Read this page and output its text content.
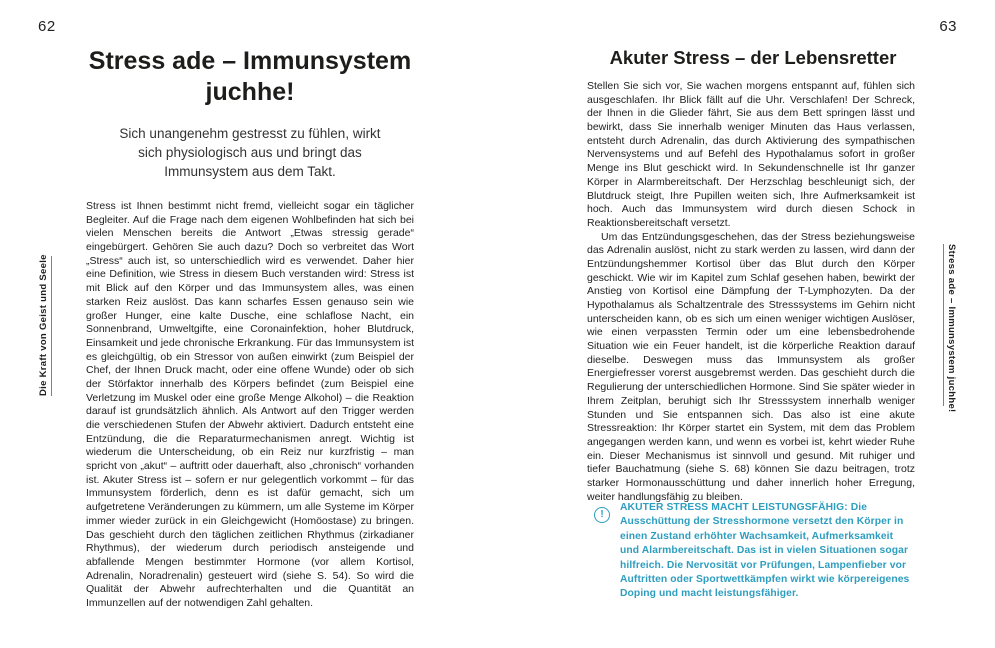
62	63
Die Kraft von Geist und Seele	Stress ade – Immunsystem juchhe!
Stress ade – Immunsystem juchhe!

Sich unangenehm gestresst zu fühlen, wirkt sich physiologisch aus und bringt das Immunsystem aus dem Takt.

Stress ist Ihnen bestimmt nicht fremd, vielleicht sogar ein täglicher Begleiter. Auf die Frage nach dem eigenen Wohlbefinden hat sich bei vielen Menschen bereits die Antwort „Etwas stressig gerade“ eingebürgert. Gehören Sie auch dazu? Doch so verbreitet das Wort „Stress“ auch ist, so unterschiedlich wird es verwendet. Daher hier eine Definition, wie Stress in diesem Buch verstanden wird: Stress ist mit Blick auf den Körper und das Immunsystem alles, was einen starken Reiz auslöst. Das kann scharfes Essen genauso sein wie großer Hunger, eine kalte Dusche, eine schlaflose Nacht, ein Sonnenbrand, Umweltgifte, eine Coronainfektion, hoher Blutdruck, Einsamkeit und jede chronische Erkrankung. Für das Immunsystem ist es gleichgültig, ob ein Stressor von außen einwirkt (zum Beispiel der Chef, der Ihnen Druck macht, oder eine offene Wunde) oder ob sich der Störfaktor innerhalb des Körpers befindet (zum Beispiel eine Verletzung im Muskel oder eine große Menge Alkohol) – die Reaktion darauf ist grundsätzlich ähnlich. Als Antwort auf den Trigger werden die verschiedenen Stufen der Abwehr aktiviert. Dadurch entsteht eine Entzündung, die die Reparaturmechanismen anregt. Wichtig ist wiederum die Unterscheidung, ob ein Reiz nur kurzfristig – man spricht von „akut“ – auftritt oder dauerhaft, also „chronisch“ vorhanden ist. Akuter Stress ist – sofern er nur gelegentlich vorkommt – für das Immunsystem förderlich, denn es ist dafür gemacht, sich um aufgetretene Veränderungen zu kümmern, um alle Systeme im Körper immer wieder zurück in ein Gleichgewicht (Homöostase) zu bringen. Das geschieht durch den täglichen zeitlichen Rhythmus (zirkadianer Rhythmus), der wiederum durch periodisch ansteigende und abfallende Mengen bestimmter Hormone (vor allem Kortisol, Adrenalin, Noradrenalin) gesteuert wird (siehe S. 54). So wird die Qualität der Abwehr aufrechterhalten und die Quantität an Immunzellen auf der notwendigen Zahl gehalten.

Akuter Stress – der Lebensretter

Stellen Sie sich vor, Sie wachen morgens entspannt auf, fühlen sich ausgeschlafen. Ihr Blick fällt auf die Uhr. Verschlafen! Der Schreck, der Ihnen in die Glieder fährt, Sie aus dem Bett springen lässt und bewirkt, dass Sie innerhalb weniger Minuten das Haus verlassen, entsteht durch Adrenalin, das durch Aktivierung des sympathischen Nervensystems und auf Befehl des Hypothalamus sofort in großer Menge ins Blut geschickt wird. In Sekundenschnelle ist Ihr ganzer Körper in Alarmbereitschaft. Der Herzschlag beschleunigt sich, der Blutdruck steigt, Ihre Pupillen weiten sich, Ihre Aufmerksamkeit ist hoch. Auch das Immunsystem wird durch diesen Schock in Reaktionsbereitschaft versetzt.

Um das Entzündungsgeschehen, das der Stress beziehungsweise das Adrenalin auslöst, nicht zu stark werden zu lassen, wird dann der Entzündungshemmer Kortisol über das Blut durch den Körper geschickt. Wie wir im Kapitel zum Schlaf gesehen haben, bewirkt der Anstieg von Kortisol eine Dämpfung der T-Lymphozyten. Da der Hypothalamus als Schaltzentrale des Stresssystems im Gehirn nicht unterscheiden kann, ob es sich um einen weniger wichtigen Auslöser, wie einen verpassten Termin oder um eine lebensbedrohende Situation wie ein Feuer handelt, ist die körperliche Reaktion darauf dieselbe. Deswegen muss das Immunsystem als großer Energiefresser vorerst ausgebremst werden. Das geschieht durch die Regulierung der unterschiedlichen Hormone. Sind Sie später wieder in Ihrem Zeitplan, beruhigt sich Ihr Stresssystem innerhalb weniger Stunden und Sie entspannen sich. Das also ist eine akute Stressreaktion: Ihr Körper startet ein System, mit dem das Problem angegangen werden kann, und wenn es vorbei ist, kehrt wieder Ruhe ein. Dieser Mechanismus ist sinnvoll und gesund. Mit ruhiger und tiefer Bauchatmung (siehe S. 68) können Sie dazu beitragen, trotz starker Hormonausschüttung und daher innerlich hoher Erregung, weiter handlungsfähig zu bleiben.

!

AKUTER STRESS MACHT LEISTUNGSFÄHIG: Die Ausschüttung der Stresshormone versetzt den Körper in einen Zustand erhöhter Wachsamkeit, Aufmerksamkeit und Alarmbereitschaft. Das ist in vielen Situationen sogar hilfreich. Die Nervosität vor Prüfungen, Lampenfieber vor Auftritten oder Sportwettkämpfen wirkt wie körpereigenes Doping und macht leistungsfähiger.
